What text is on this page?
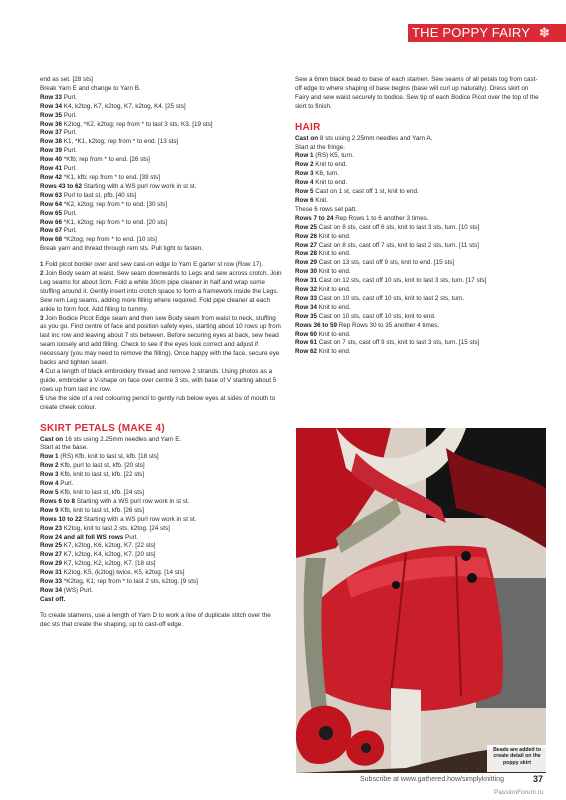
THE POPPY FAIRY ✽
end as set. [28 sts]
Break Yarn E and change to Yarn B.
Row 33 Purl.
Row 34 K4, k2tog, K7, k2tog, K7, k2tog, K4. [25 sts]
Row 35 Purl.
Row 36 K2tog, *K2, k2tog; rep from * to last 3 sts, K3. [19 sts]
Row 37 Purl.
Row 38 K1, *K1, k2tog; rep from * to end. [13 sts]
Row 39 Purl.
Row 40 *Kfb; rep from * to end. [26 sts]
Row 41 Purl.
Row 42 *K1, kfb; rep from * to end. [39 sts]
Rows 43 to 62 Starting with a WS purl row work in st st.
Row 63 Purl to last st, pfb. [40 sts]
Row 64 *K2, k2tog; rep from * to end. [30 sts]
Row 65 Purl.
Row 66 *K1, k2tog; rep from * to end. [20 sts]
Row 67 Purl.
Row 68 *K2tog; rep from * to end. [10 sts]
Break yarn and thread through rem sts. Pull tight to fasten.
1 Fold picot border over and sew cast-on edge to Yarn E garter st row (Row 17).
2 Join Body seam at waist. Sew seam downwards to Legs and sew across crotch. Join Leg seams for about 3cm. Fold a white 30cm pipe cleaner in half and wrap some stuffing around it. Gently insert into crotch space to form a framework inside the Legs. Sew rem Leg seams, adding more filling where required. Fold pipe cleaner at each ankle to form foot. Add filling to tummy.
3 Join Bodice Picot Edge seam and then sew Body seam from waist to neck, stuffing as you go. Find centre of face and position safety eyes, starting about 10 rows up from last inc row and leaving about 7 sts between. Before securing eyes at back, sew head seam loosely and add filling. Check to see if the eyes look correct and adjust if necessary (you may need to remove the filling). Once happy with the face, secure eye backs and tighten seam.
4 Cut a length of black embroidery thread and remove 2 strands. Using photos as a guide, embroider a V-shape on face over centre 3 sts, with base of V starting about 5 rows up from last inc row.
5 Use the side of a red colouring pencil to gently rub below eyes at sides of mouth to create cheek colour.
SKIRT PETALS (MAKE 4)
Cast on 16 sts using 2.25mm needles and Yarn E.
Start at the base.
Row 1 (RS) Kfb, knit to last st, kfb. [18 sts]
Row 2 Kfb, purl to last st, kfb. [20 sts]
Row 3 Kfb, knit to last st, kfb. [22 sts]
Row 4 Purl.
Row 5 Kfb, knit to last st, kfb. [24 sts]
Rows 6 to 8 Starting with a WS purl row work in st st.
Row 9 Kfb, knit to last st, kfb. [26 sts]
Rows 10 to 22 Starting with a WS purl row work in st st.
Row 23 K2tog, knit to last 2 sts, k2tog. [24 sts]
Row 24 and all foll WS rows Purl.
Row 25 K7, k2tog, K6, k2tog, K7. [22 sts]
Row 27 K7, k2tog, K4, k2tog, K7. [20 sts]
Row 29 K7, k2tog, K2, k2tog, K7. [18 sts]
Row 31 K2tog, K5, (k2tog) twice, K5, k2tog. [14 sts]
Row 33 *K2tog, K1; rep from * to last 2 sts, k2tog. [9 sts]
Row 34 (WS) Purl.
Cast off.
To create stamens, use a length of Yarn D to work a line of duplicate stitch over the dec sts that create the shaping, up to cast-off edge.
Sew a 6mm black bead to base of each stamen. Sew seams of all petals tog from cast-off edge to where shaping of base begins (base will curl up naturally). Dress skirt on Fairy and sew waist securely to bodice. Sew tip of each Bodice Picot over the top of the skirt to finish.
HAIR
Cast on 8 sts using 2.25mm needles and Yarn A.
Start at the fringe.
Row 1 (RS) K5, turn.
Row 2 Knit to end.
Row 3 K6, turn.
Row 4 Knit to end.
Row 5 Cast on 1 st, cast off 1 st, knit to end.
Row 6 Knit.
These 6 rows set patt.
Rows 7 to 24 Rep Rows 1 to 6 another 3 times.
Row 25 Cast on 8 sts, cast off 6 sts, knit to last 3 sts, turn. [10 sts]
Row 26 Knit to end.
Row 27 Cast on 8 sts, cast off 7 sts, knit to last 2 sts, turn. [11 sts]
Row 28 Knit to end.
Row 29 Cast on 13 sts, cast off 9 sts, knit to end. [15 sts]
Row 30 Knit to end.
Row 31 Cast on 12 sts, cast off 10 sts, knit to last 3 sts, turn. [17 sts]
Row 32 Knit to end.
Row 33 Cast on 10 sts, cast off 10 sts, knit to last 2 sts, turn.
Row 34 Knit to end.
Row 35 Cast on 10 sts, cast off 10 sts, knit to end.
Rows 36 to 59 Rep Rows 30 to 35 another 4 times.
Row 60 Knit to end.
Row 61 Cast on 7 sts, cast off 9 sts, knit to last 3 sts, turn. [15 sts]
Row 62 Knit to end.
Beads are added to create detail on the poppy skirt
Subscribe at www.gathered.how/simplyknitting	37
PassionForum.ru
